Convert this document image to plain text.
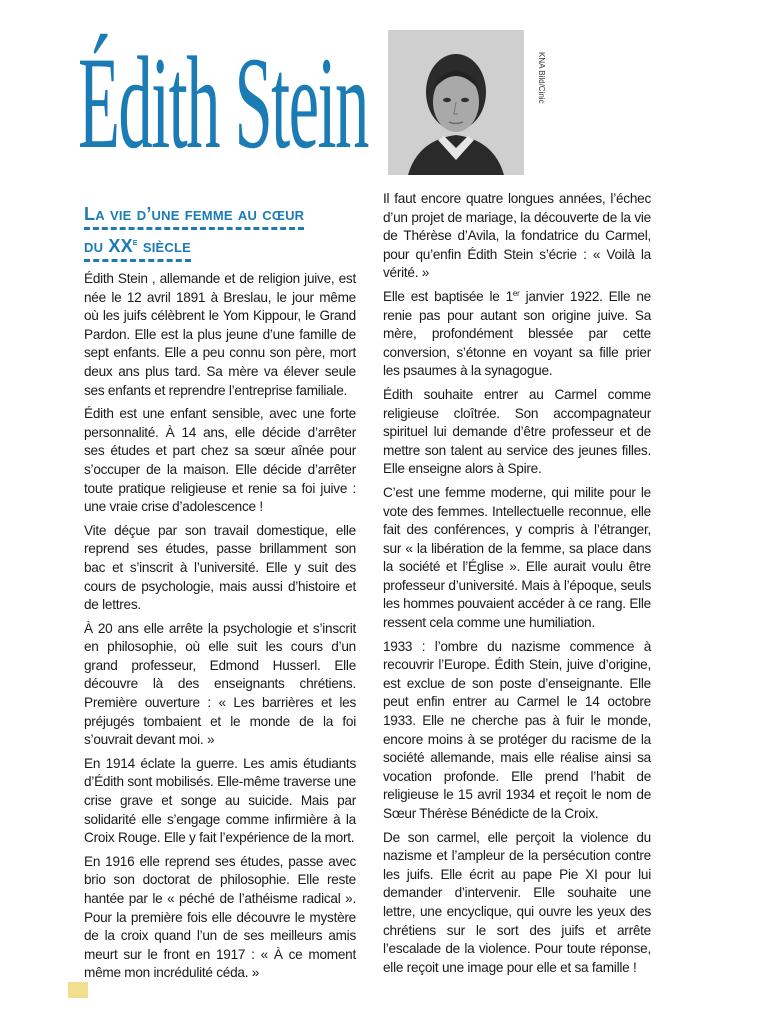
Édith Stein	KNA Bild/Cinic
La vie d’une femme au cœur
du XXe siècle

Édith Stein , allemande et de religion juive, est née le 12 avril 1891 à Breslau, le jour même où les juifs célèbrent le Yom Kippour, le Grand Pardon. Elle est la plus jeune d’une famille de sept enfants. Elle a peu connu son père, mort deux ans plus tard. Sa mère va élever seule ses enfants et reprendre l’entreprise familiale.

Édith est une enfant sensible, avec une forte personnalité. À 14 ans, elle décide d’arrêter ses études et part chez sa sœur aînée pour s’occuper de la maison. Elle décide d’arrêter toute pratique religieuse et renie sa foi juive : une vraie crise d’adolescence !

Vite déçue par son travail domestique, elle reprend ses études, passe brillamment son bac et s’inscrit à l’université. Elle y suit des cours de psychologie, mais aussi d’histoire et de lettres.

À 20 ans elle arrête la psychologie et s’inscrit en philosophie, où elle suit les cours d’un grand professeur, Edmond Husserl. Elle découvre là des enseignants chrétiens. Première ouverture : « Les barrières et les préjugés tombaient et le monde de la foi s’ouvrait devant moi. »

En 1914 éclate la guerre. Les amis étudiants d’Édith sont mobilisés. Elle-même traverse une crise grave et songe au suicide. Mais par solidarité elle s’engage comme infirmière à la Croix Rouge. Elle y fait l’expérience de la mort.

En 1916 elle reprend ses études, passe avec brio son doctorat de philosophie. Elle reste hantée par le « péché de l’athéisme radical ». Pour la première fois elle découvre le mystère de la croix quand l’un de ses meilleurs amis meurt sur le front en 1917 : « À ce moment même mon incrédulité céda. »

Il faut encore quatre longues années, l’échec d’un projet de mariage, la découverte de la vie de Thérèse d’Avila, la fondatrice du Carmel, pour qu’enfin Édith Stein s’écrie : « Voilà la vérité. »

Elle est baptisée le 1er janvier 1922. Elle ne renie pas pour autant son origine juive. Sa mère, profondément blessée par cette conversion, s’étonne en voyant sa fille prier les psaumes à la synagogue.

Édith souhaite entrer au Carmel comme religieuse cloîtrée. Son accompagnateur spirituel lui demande d’être professeur et de mettre son talent au service des jeunes filles. Elle enseigne alors à Spire.

C’est une femme moderne, qui milite pour le vote des femmes. Intellectuelle reconnue, elle fait des conférences, y compris à l’étranger, sur « la libération de la femme, sa place dans la société et l’Église ». Elle aurait voulu être professeur d’université. Mais à l’époque, seuls les hommes pouvaient accéder à ce rang. Elle ressent cela comme une humiliation.

1933 : l’ombre du nazisme commence à recouvrir l’Europe. Édith Stein, juive d’origine, est exclue de son poste d’enseignante. Elle peut enfin entrer au Carmel le 14 octobre 1933. Elle ne cherche pas à fuir le monde, encore moins à se protéger du racisme de la société allemande, mais elle réalise ainsi sa vocation profonde. Elle prend l’habit de religieuse le 15 avril 1934 et reçoit le nom de Sœur Thérèse Bénédicte de la Croix.

De son carmel, elle perçoit la violence du nazisme et l’ampleur de la persécution contre les juifs. Elle écrit au pape Pie XI pour lui demander d’intervenir. Elle souhaite une lettre, une encyclique, qui ouvre les yeux des chrétiens sur le sort des juifs et arrête l’escalade de la violence. Pour toute réponse, elle reçoit une image pour elle et sa famille !
